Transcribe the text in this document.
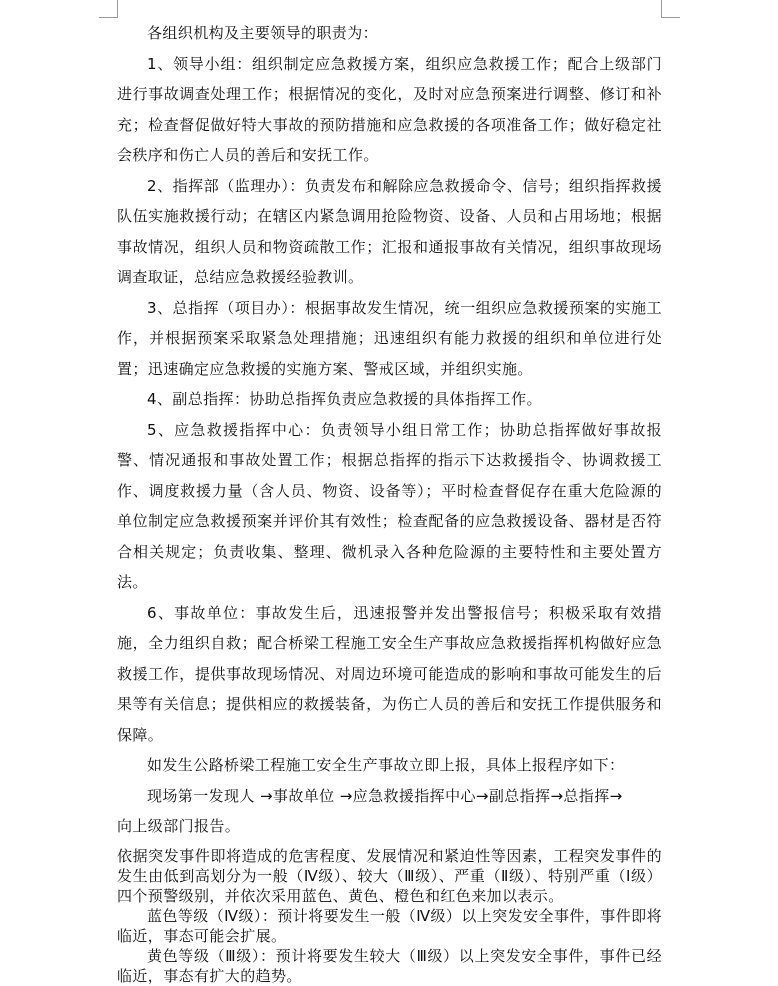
各组织机构及主要领导的职责为：

1、领导小组：组织制定应急救援方案，组织应急救援工作；配合上级部门进行事故调查处理工作；根据情况的变化，及时对应急预案进行调整、修订和补充；检查督促做好特大事故的预防措施和应急救援的各项准备工作；做好稳定社会秩序和伤亡人员的善后和安抚工作。

2、指挥部（监理办）：负责发布和解除应急救援命令、信号；组织指挥救援队伍实施救援行动；在辖区内紧急调用抢险物资、设备、人员和占用场地；根据事故情况，组织人员和物资疏散工作；汇报和通报事故有关情况，组织事故现场调查取证，总结应急救援经验教训。

3、总指挥（项目办）：根据事故发生情况，统一组织应急救援预案的实施工作，并根据预案采取紧急处理措施；迅速组织有能力救援的组织和单位进行处置；迅速确定应急救援的实施方案、警戒区域，并组织实施。

4、副总指挥：协助总指挥负责应急救援的具体指挥工作。

5、应急救援指挥中心：负责领导小组日常工作；协助总指挥做好事故报警、情况通报和事故处置工作；根据总指挥的指示下达救援指令、协调救援工作、调度救援力量（含人员、物资、设备等）；平时检查督促存在重大危险源的单位制定应急救援预案并评价其有效性；检查配备的应急救援设备、器材是否符合相关规定；负责收集、整理、微机录入各种危险源的主要特性和主要处置方法。

6、事故单位：事故发生后，迅速报警并发出警报信号；积极采取有效措施，全力组织自救；配合桥梁工程施工安全生产事故应急救援指挥机构做好应急救援工作，提供事故现场情况、对周边环境可能造成的影响和事故可能发生的后果等有关信息；提供相应的救援装备，为伤亡人员的善后和安抚工作提供服务和保障。

如发生公路桥梁工程施工安全生产事故立即上报，具体上报程序如下：

现场第一发现人 →事故单位 →应急救援指挥中心→副总指挥→总指挥→

向上级部门报告。

依据突发事件即将造成的危害程度、发展情况和紧迫性等因素，工程突发事件的发生由低到高划分为一般（Ⅳ级）、较大（Ⅲ级）、严重（Ⅱ级）、特别严重（Ⅰ级）四个预警级别，并依次采用蓝色、黄色、橙色和红色来加以表示。

蓝色等级（Ⅳ级）：预计将要发生一般（Ⅳ级）以上突发安全事件，事件即将临近，事态可能会扩展。

黄色等级（Ⅲ级）：预计将要发生较大（Ⅲ级）以上突发安全事件，事件已经临近，事态有扩大的趋势。
